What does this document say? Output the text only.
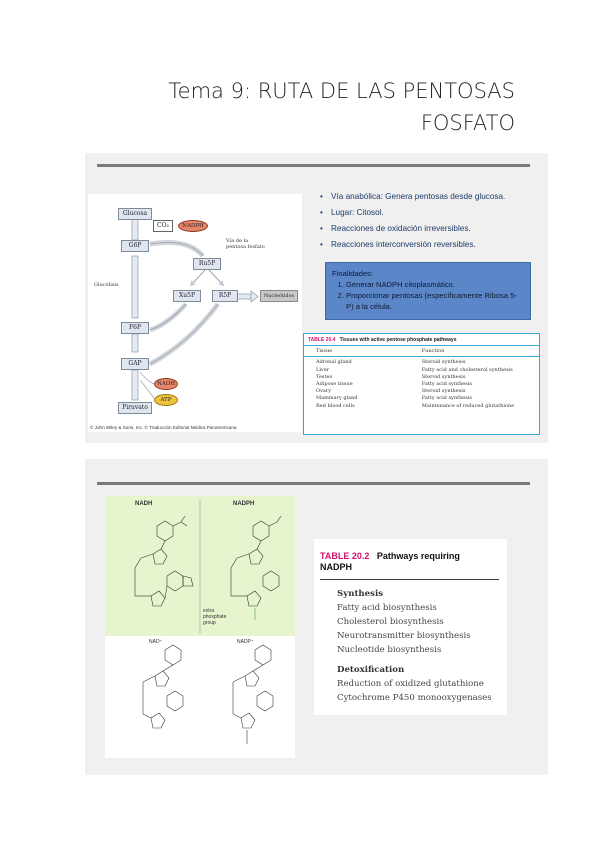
Tema 9: RUTA DE LAS PENTOSAS
FOSFATO
Glucosa
CO₂	NADPH
G6P
Vía de la
pentosa fosfato
Ru5P
Glucólisis
Xu5P	R5P	Nucleótidos
F6P
GAP
NADH
ATP
Piruvato
© John Wiley & Sons, Inc. © Traducción Editorial Médica Panamericana
• Vía anabólica: Genera pentosas desde glucosa.
• Lugar: Citosol.
• Reacciones de oxidación irreversibles.
• Reacciones interconversión reversibles.
Finalidades:
1. Generar NADPH citoplasmático.
2. Proporcionar pentosas (específicamente Ribosa 5-P) a la célula.
TABLE 20.4 Tissues with active pentose phosphate pathways
Tissue	Function
Adrenal gland	Steroid synthesis
Liver	Fatty acid and cholesterol synthesis
Testes	Steroid synthesis
Adipose tissue	Fatty acid synthesis
Ovary	Steroid synthesis
Mammary gland	Fatty acid synthesis
Red blood cells	Maintenance of reduced glutathione
NADH	NADPH
extra
phosphate
group
NAD⁺	NADP⁺
TABLE 20.2 Pathways requiring
NADPH
Synthesis
Fatty acid biosynthesis
Cholesterol biosynthesis
Neurotransmitter biosynthesis
Nucleotide biosynthesis
Detoxification
Reduction of oxidized glutathione
Cytochrome P450 monooxygenases
